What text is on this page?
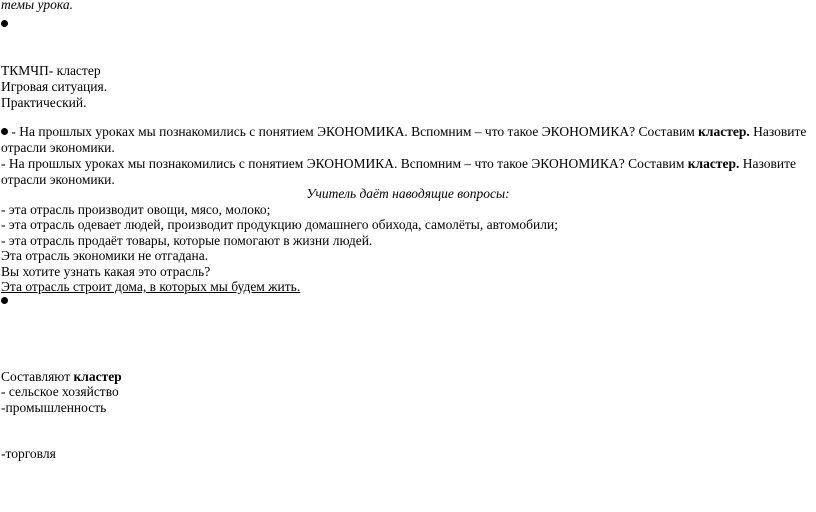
темы урока.
ТКМЧП- кластер
Игровая ситуация.
Практический.
- На прошлых уроках мы познакомились с понятием ЭКОНОМИКА. Вспомним – что такое ЭКОНОМИКА? Составим кластер. Назовите
отрасли экономики.
- На прошлых уроках мы познакомились с понятием ЭКОНОМИКА. Вспомним – что такое ЭКОНОМИКА? Составим кластер. Назовите
отрасли экономики.
Учитель даёт наводящие вопросы:
- эта отрасль производит овощи, мясо, молоко;
- эта отрасль одевает людей, производит продукцию домашнего обихода, самолёты, автомобили;
- эта отрасль продаёт товары, которые помогают в жизни людей.
Эта отрасль экономики не отгадана.
Вы хотите узнать какая это отрасль?
Эта отрасль строит дома, в которых мы будем жить.
Составляют кластер
- сельское хозяйство
-промышленность
-торговля
